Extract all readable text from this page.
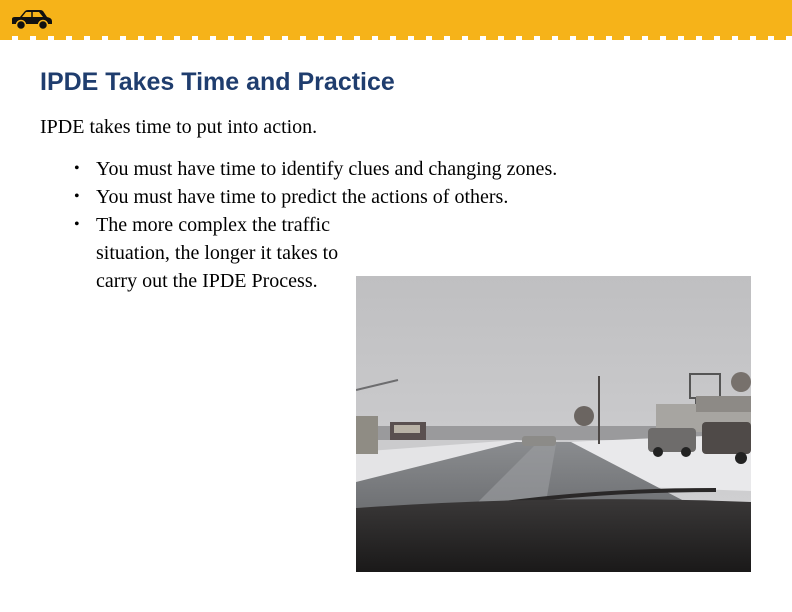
IPDE Takes Time and Practice

IPDE takes time to put into action.

• You must have time to identify clues and changing zones.
• You must have time to predict the actions of others.
• The more complex the traffic situation, the longer it takes to carry out the IPDE Process.
